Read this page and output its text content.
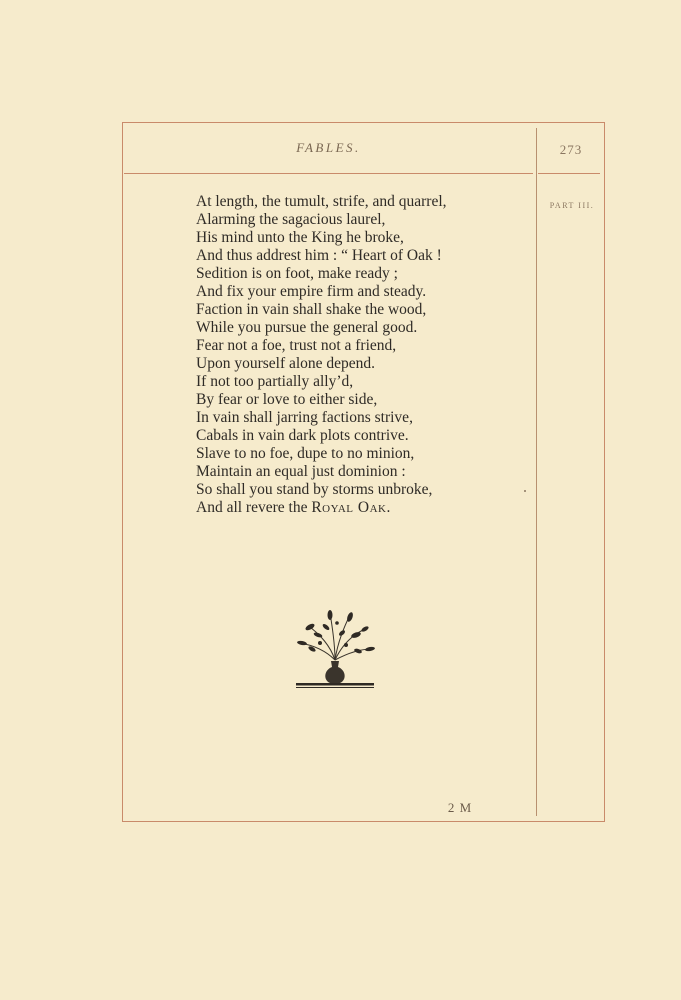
FABLES.	273
PART III.
At length, the tumult, strife, and quarrel,
Alarming the sagacious laurel,
His mind unto the King he broke,
And thus addrest him : “ Heart of Oak !
Sedition is on foot, make ready ;
And fix your empire firm and steady.
Faction in vain shall shake the wood,
While you pursue the general good.
Fear not a foe, trust not a friend,
Upon yourself alone depend.
If not too partially ally’d,
By fear or love to either side,
In vain shall jarring factions strive,
Cabals in vain dark plots contrive.
Slave to no foe, dupe to no minion,
Maintain an equal just dominion :
So shall you stand by storms unbroke,
And all revere the Royal Oak.
2 M
